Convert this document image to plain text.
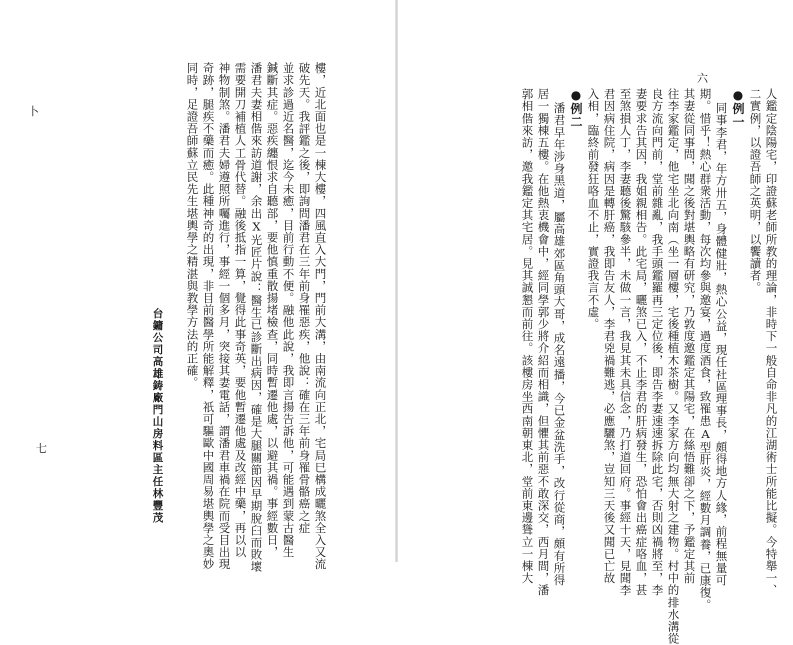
六
人鑑定陰陽宅，印證蘇老師所教的理論，非時下一般自命非凡的江湖術士所能比擬。今特舉一、
二實例，以證吾師之英明，以饗讀者。
●例一
同事李君，年方卅五，身體健壯，熱心公益，現任社區理事長，頗得地方人緣，前程無量可
期。惜乎！熱心群衆活動，每次均參與邀宴，過度酒食，致罹患A型肝炎，經數月調養，已康復。
其妻從同事問，聞之後對堪輿略有研究，乃敦度邀鑑定其陽宅，在絲悟難卻之下，予鑑定其前
往李家鑑定，他宅坐北向南（坐一層樓，宅後種植木茶樹。又李家方向均無大射之建物。村中的排水溝從
良方流向門前，堂前雜亂，我手頭鑑羅再三定位後，即告李妻速速拆除此宅，否則凶禍將至，李
妻要求告其因，我姐親相告。此宅局，曬煞已入，不止李君的肝病發生，恐怕會出癌症咯血，甚
至煞損人丁，李妻聽後驚駭參半，未做一言，我見其未具信念，乃打道回府。事經十天，見聞李
君因病住院，病因是轉肝癌，我即告友人，李君兇禍難逃，必應驪煞，豈知三天後又聞已亡故
入相，臨終前發狂咯血不止，實證我言不虛。
●例二
潘君早年涉身黑道，屬高雄郊區角頭大哥，成名遠播，今已金盆洗手，改行從商，頗有所得
居一獨棟五樓。在他熱衷機會中，經同學郭少將介紹而相識，但懼其前惡不敢深交，西月間，潘
郭相偕來訪，邀我鑑定其宅居。見其誠懇而前往。該樓房坐西南朝東北，堂前東邊聳立一棟大
卜	樓，近北面也是一棟大樓，四風直入大門，門前大溝，由南流向正北，宅局巳構成曬煞全入又流
破先天。我評鑑之後，即詢問潘君在三年前身罹惡疾，他說：確在三年前身罹骨骼癌之症
並求診過近名醫，迄今未癒，目前行動不便。融他此說，我即言揚告訴他，可能遇到蒙古醫生
鍼斷其症。惡疾纏恨求自聽部，要他慎重散揚堵檢查，同時暫遷他處，以避其禍。事經數日，
潘君夫妻相偕來訪道謝，余出X光匠片說：醫生已診斷出病因，確是大腿關節因早期脫臼而敗壞
需要開刀補植人工骨代替。融後抵指一算，覺得此事奇英，要他暫遷他處及改經中藥，再以以
神物制煞。潘君夫婦遵照所囑進行，事經一個多月，突接其妻電話，謂潘君車禍在院而受目出現
奇跡，腿疾不藥而癒。此種神奇的出現，非目前醫學所能解釋，祇可驅歐中國周易堪輿學之奧妙
同時，足證吾師蘇立民先生堪輿學之精湛與教學方法的正確。
台鏞公司高雄鋳廠門山房料區主任林豐茂
七
